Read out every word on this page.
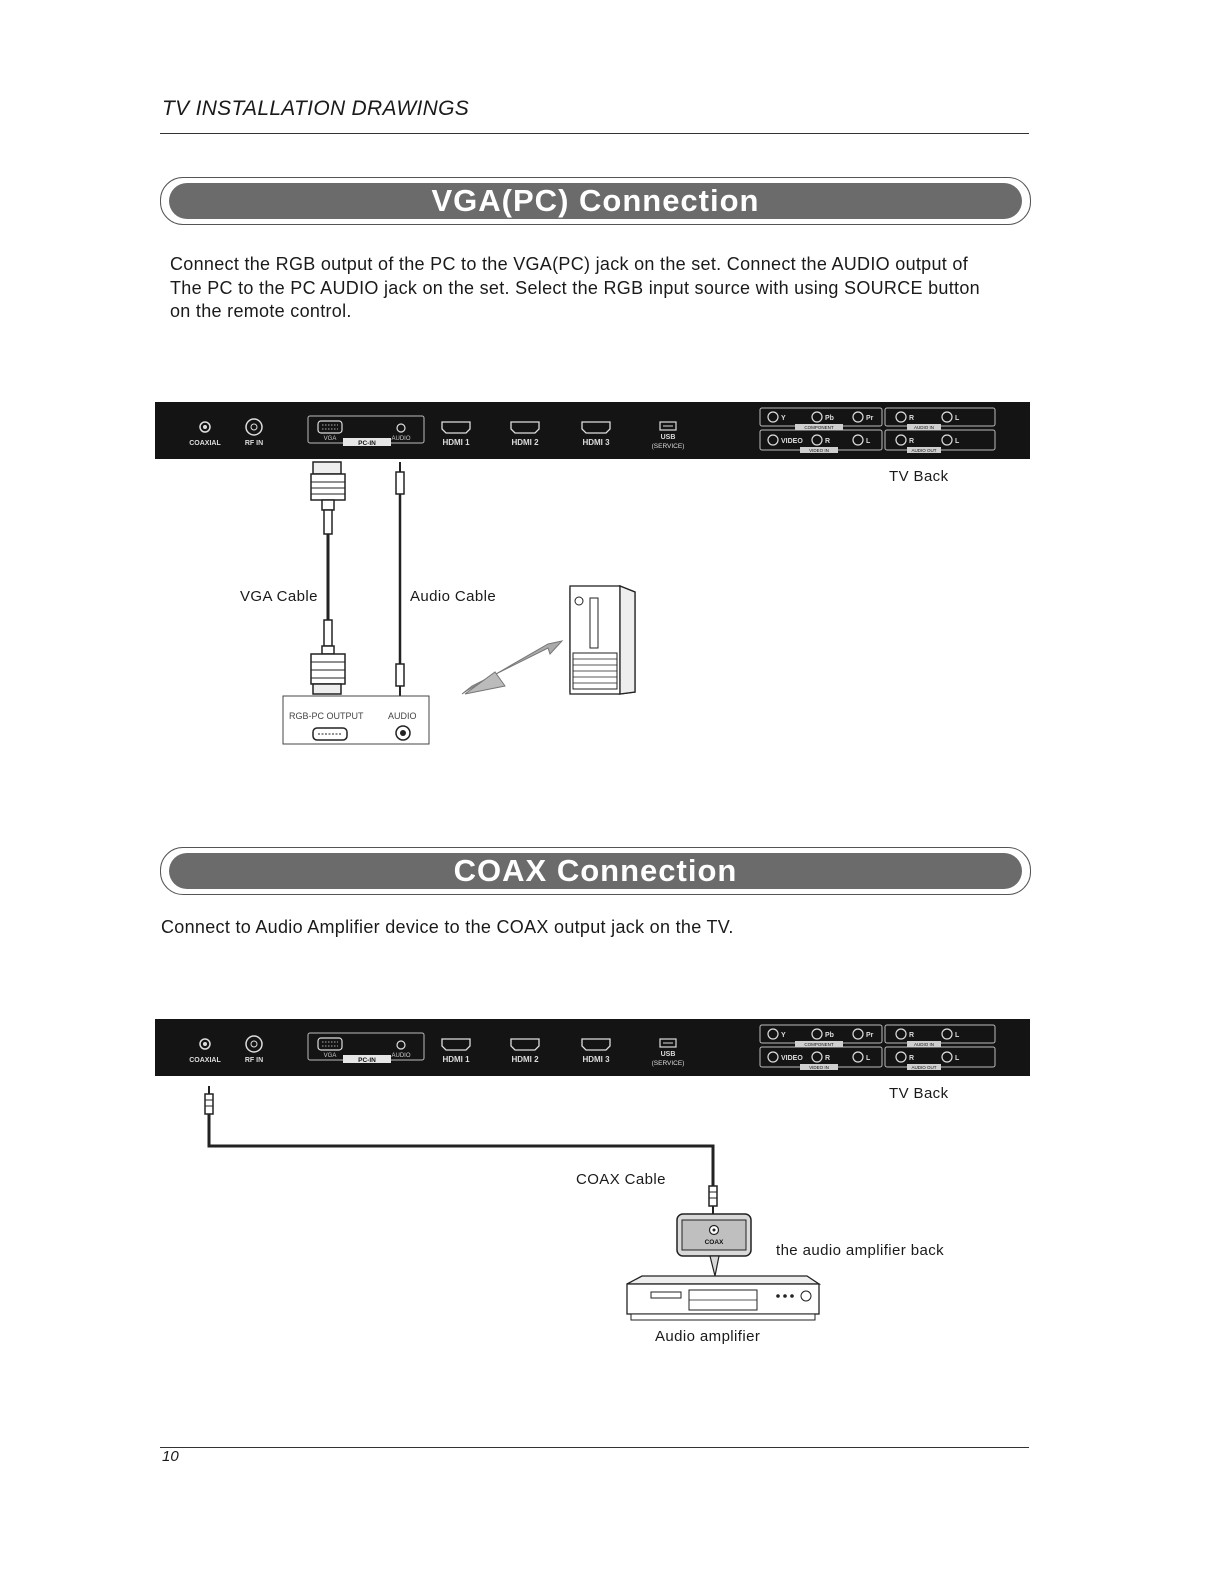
TV INSTALLATION DRAWINGS
VGA(PC) Connection

Connect the RGB output of the PC to the VGA(PC) jack on the set. Connect the AUDIO output of

The PC to the PC AUDIO jack on the set. Select the RGB input source with using SOURCE button

on the remote control.

COAXIAL	RF IN
VGA	AUDIO
PC-IN	HDMI 1	HDMI 2	HDMI 3
USB
(SERVICE)
Y	Pb	Pr
VIDEO	R	L
R	L
R	L
COMPONENT
VIDEO IN
AUDIO IN
AUDIO OUT
TV Back
VGA Cable	Audio Cable
RGB-PC OUTPUT	AUDIO
COAX Connection
Connect to Audio Amplifier device to the COAX output jack on the TV.
COAXIAL	RF IN
VGA	AUDIO
PC-IN	HDMI 1	HDMI 2	HDMI 3
USB
(SERVICE)
Y	Pb	Pr
VIDEO	R	L
R	L
R	L
COMPONENT
VIDEO IN
AUDIO IN
AUDIO OUT
TV Back
COAX
COAX Cable
the audio amplifier back
Audio amplifier
10
